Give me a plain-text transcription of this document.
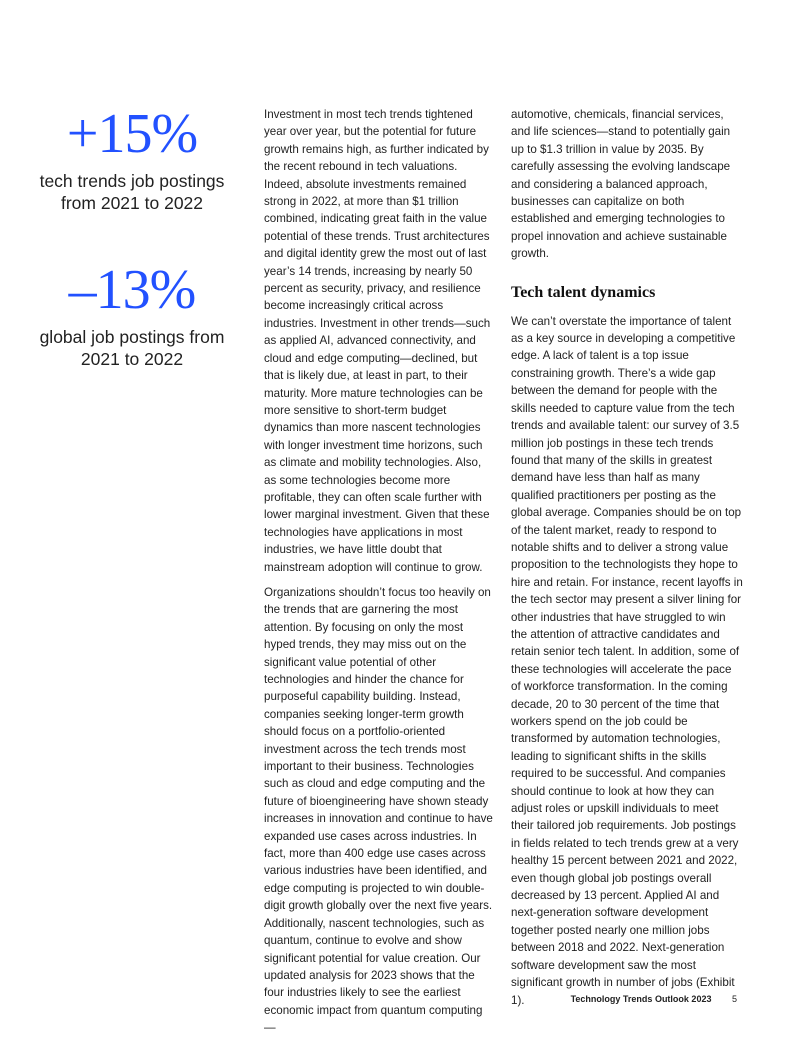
+15%
tech trends job postings from 2021 to 2022
–13%
global job postings from 2021 to 2022

Investment in most tech trends tightened year over year, but the potential for future growth remains high, as further indicated by the recent rebound in tech valuations. Indeed, absolute investments remained strong in 2022, at more than $1 trillion combined, indicating great faith in the value potential of these trends. Trust architectures and digital identity grew the most out of last year’s 14 trends, increasing by nearly 50 percent as security, privacy, and resilience become increasingly critical across industries. Investment in other trends—such as applied AI, advanced connectivity, and cloud and edge computing—declined, but that is likely due, at least in part, to their maturity. More mature technologies can be more sensitive to short-term budget dynamics than more nascent technologies with longer investment time horizons, such as climate and mobility technologies. Also, as some technologies become more profitable, they can often scale further with lower marginal investment. Given that these technologies have applications in most industries, we have little doubt that mainstream adoption will continue to grow.

Organizations shouldn’t focus too heavily on the trends that are garnering the most attention. By focusing on only the most hyped trends, they may miss out on the significant value potential of other technologies and hinder the chance for purposeful capability building. Instead, companies seeking longer-term growth should focus on a portfolio-oriented investment across the tech trends most important to their business. Technologies such as cloud and edge computing and the future of bioengineering have shown steady increases in innovation and continue to have expanded use cases across industries. In fact, more than 400 edge use cases across various industries have been identified, and edge computing is projected to win double-digit growth globally over the next five years. Additionally, nascent technologies, such as quantum, continue to evolve and show significant potential for value creation. Our updated analysis for 2023 shows that the four industries likely to see the earliest economic impact from quantum computing—

automotive, chemicals, financial services, and life sciences—stand to potentially gain up to $1.3 trillion in value by 2035. By carefully assessing the evolving landscape and considering a balanced approach, businesses can capitalize on both established and emerging technologies to propel innovation and achieve sustainable growth.

Tech talent dynamics

We can’t overstate the importance of talent as a key source in developing a competitive edge. A lack of talent is a top issue constraining growth. There’s a wide gap between the demand for people with the skills needed to capture value from the tech trends and available talent: our survey of 3.5 million job postings in these tech trends found that many of the skills in greatest demand have less than half as many qualified practitioners per posting as the global average. Companies should be on top of the talent market, ready to respond to notable shifts and to deliver a strong value proposition to the technologists they hope to hire and retain. For instance, recent layoffs in the tech sector may present a silver lining for other industries that have struggled to win the attention of attractive candidates and retain senior tech talent. In addition, some of these technologies will accelerate the pace of workforce transformation. In the coming decade, 20 to 30 percent of the time that workers spend on the job could be transformed by automation technologies, leading to significant shifts in the skills required to be successful. And companies should continue to look at how they can adjust roles or upskill individuals to meet their tailored job requirements. Job postings in fields related to tech trends grew at a very healthy 15 percent between 2021 and 2022, even though global job postings overall decreased by 13 percent. Applied AI and next-generation software development together posted nearly one million jobs between 2018 and 2022. Next-generation software development saw the most significant growth in number of jobs (Exhibit 1).	Technology Trends Outlook 2023 5
